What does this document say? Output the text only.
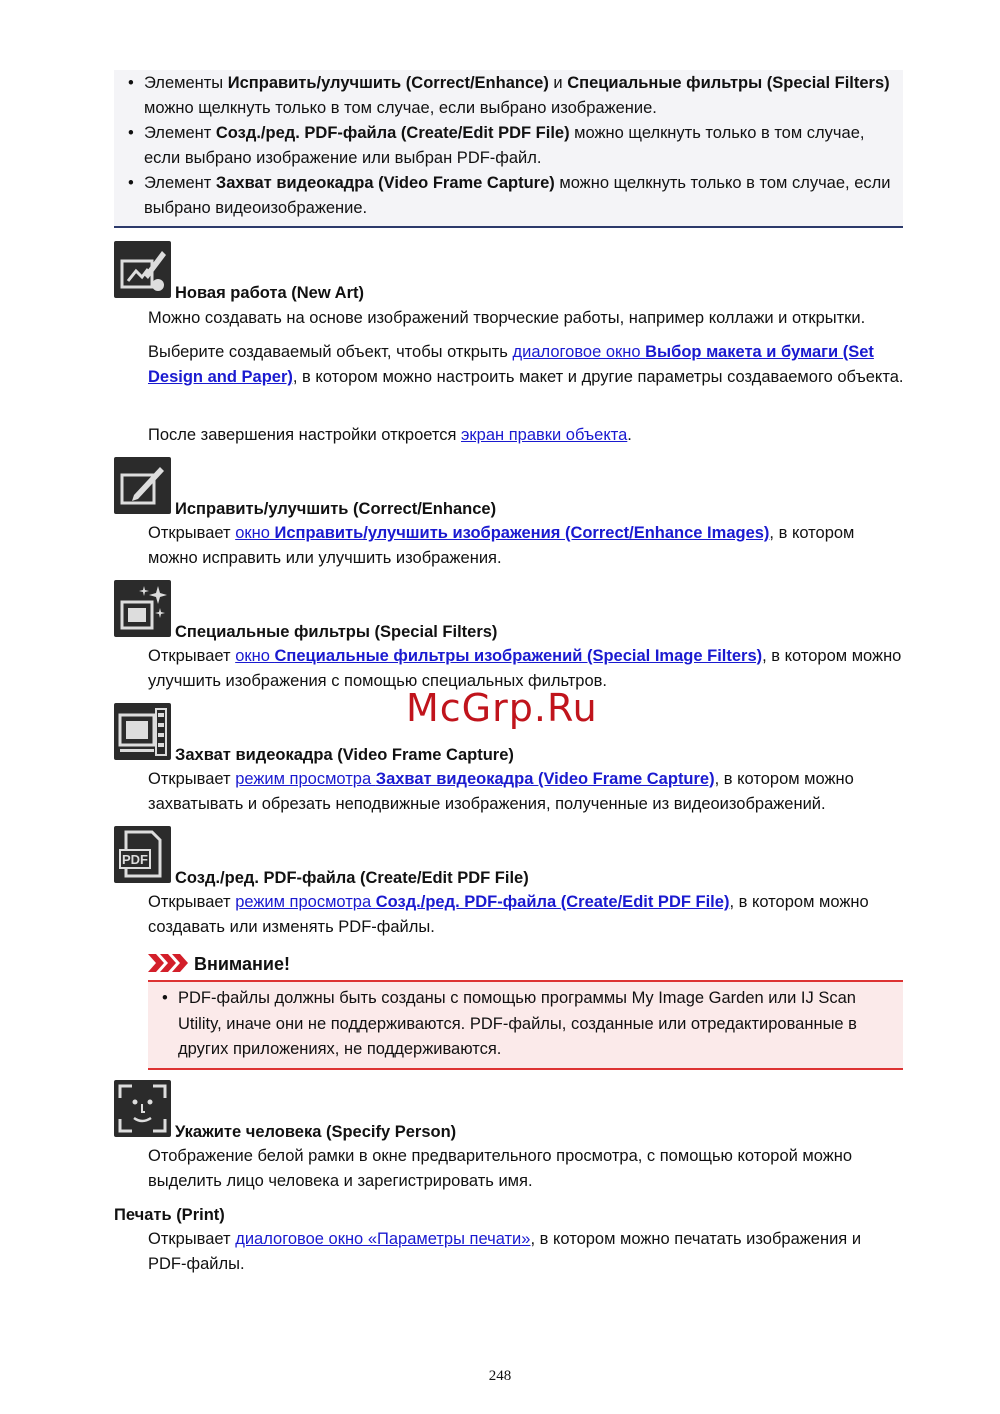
• Элементы Исправить/улучшить (Correct/Enhance) и Специальные фильтры (Special Filters) можно щелкнуть только в том случае, если выбрано изображение.
• Элемент Созд./ред. PDF-файла (Create/Edit PDF File) можно щелкнуть только в том случае, если выбрано изображение или выбран PDF-файл.
• Элемент Захват видеокадра (Video Frame Capture) можно щелкнуть только в том случае, если выбрано видеоизображение.
Новая работа (New Art)
Можно создавать на основе изображений творческие работы, например коллажи и открытки.
Выберите создаваемый объект, чтобы открыть диалоговое окно Выбор макета и бумаги (Set Design and Paper), в котором можно настроить макет и другие параметры создаваемого объекта.
После завершения настройки откроется экран правки объекта.
Исправить/улучшить (Correct/Enhance)
Открывает окно Исправить/улучшить изображения (Correct/Enhance Images), в котором можно исправить или улучшить изображения.
Специальные фильтры (Special Filters)
Открывает окно Специальные фильтры изображений (Special Image Filters), в котором можно улучшить изображения с помощью специальных фильтров.
Захват видеокадра (Video Frame Capture)
Открывает режим просмотра Захват видеокадра (Video Frame Capture), в котором можно захватывать и обрезать неподвижные изображения, полученные из видеоизображений.
PDF
Созд./ред. PDF-файла (Create/Edit PDF File)
Открывает режим просмотра Созд./ред. PDF-файла (Create/Edit PDF File), в котором можно создавать или изменять PDF-файлы.
Внимание!
• PDF-файлы должны быть созданы с помощью программы My Image Garden или IJ Scan Utility, иначе они не поддерживаются. PDF-файлы, созданные или отредактированные в других приложениях, не поддерживаются.
Укажите человека (Specify Person)
Отображение белой рамки в окне предварительного просмотра, с помощью которой можно выделить лицо человека и зарегистрировать имя.
Печать (Print)
Открывает диалоговое окно «Параметры печати», в котором можно печатать изображения и PDF-файлы.
McGrp.Ru
248
